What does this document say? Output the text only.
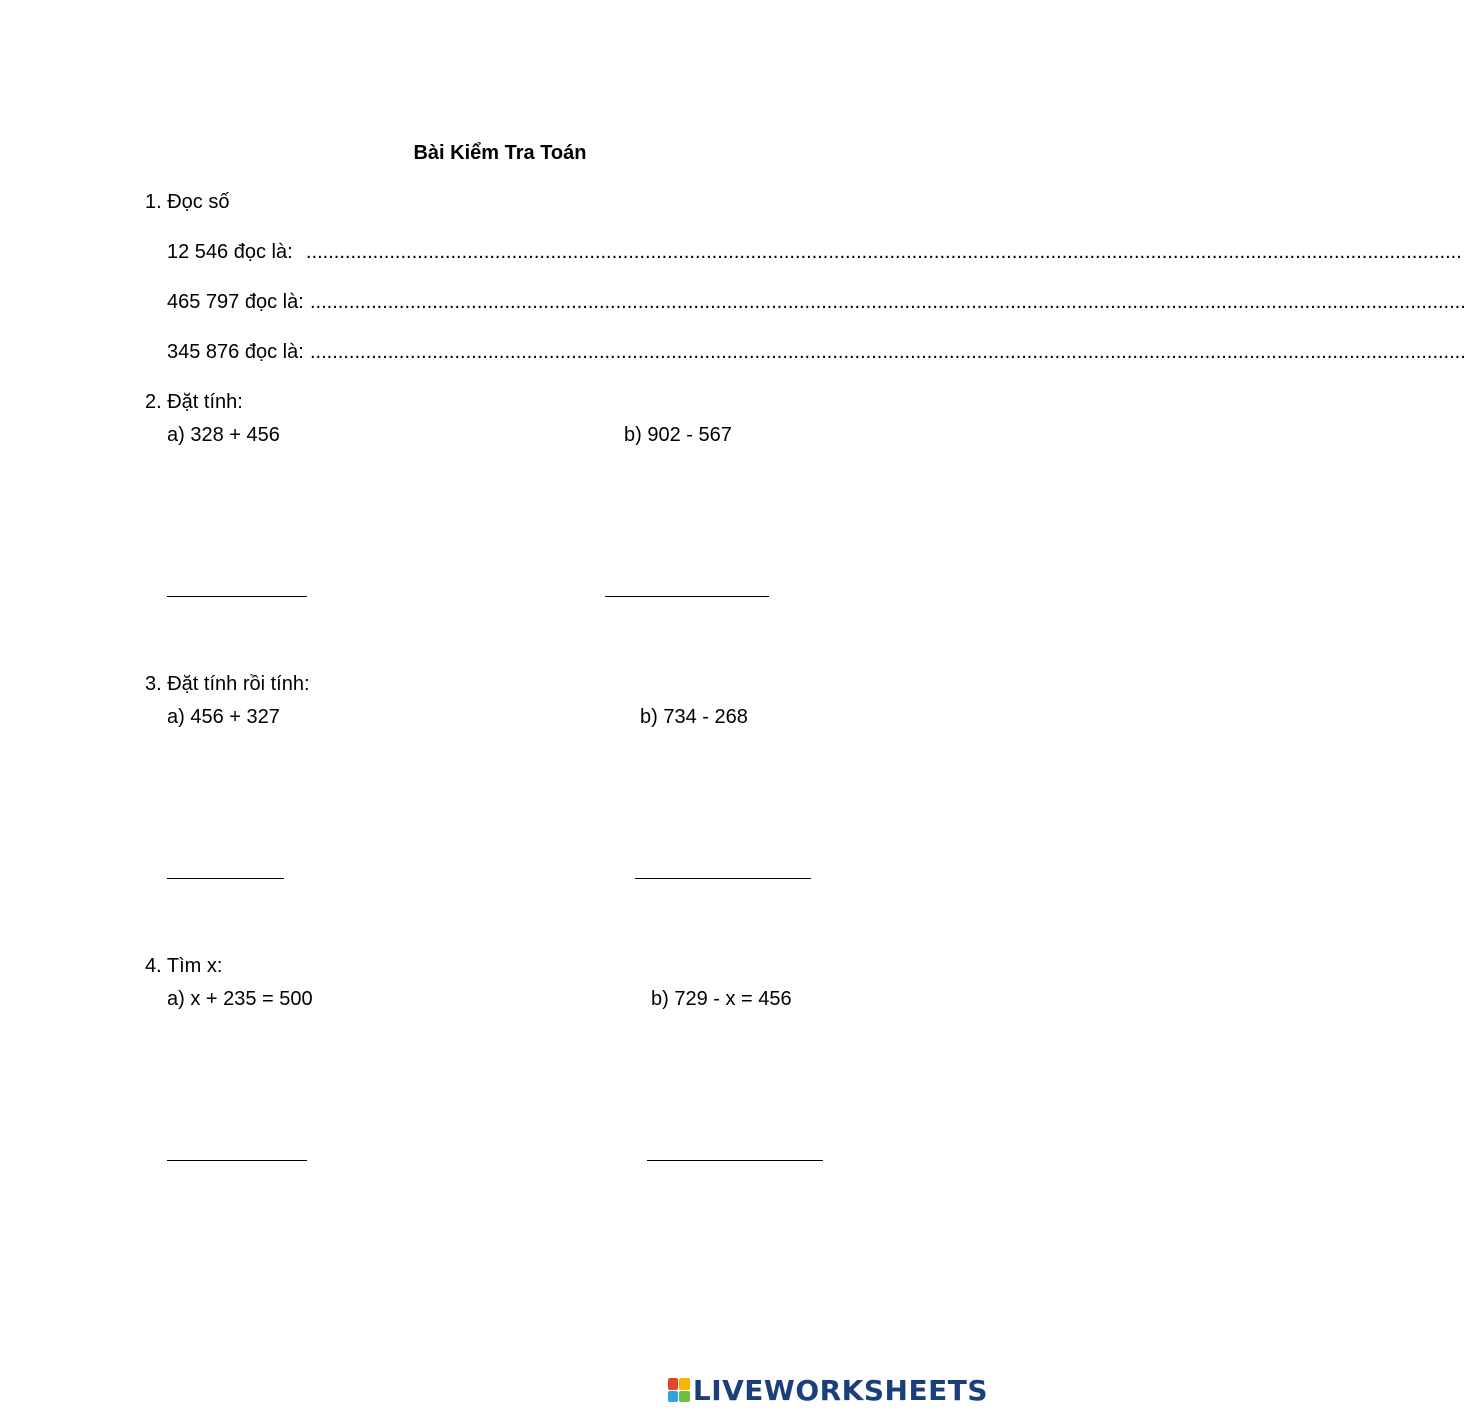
Bài Kiểm Tra Toán
1. Đọc số
12 546 đọc là: ................................................................................................................................................................................................................
465 797 đọc là: ................................................................................................................................................................................................................
345 876 đọc là: ................................................................................................................................................................................................................
2. Đặt tính:
a) 328 + 456	b) 902 - 567
3. Đặt tính rồi tính:
a) 456 + 327	b) 734 - 268
4. Tìm x:
a) x + 235 = 500	b) 729 - x = 456
LIVEWORKSHEETS
